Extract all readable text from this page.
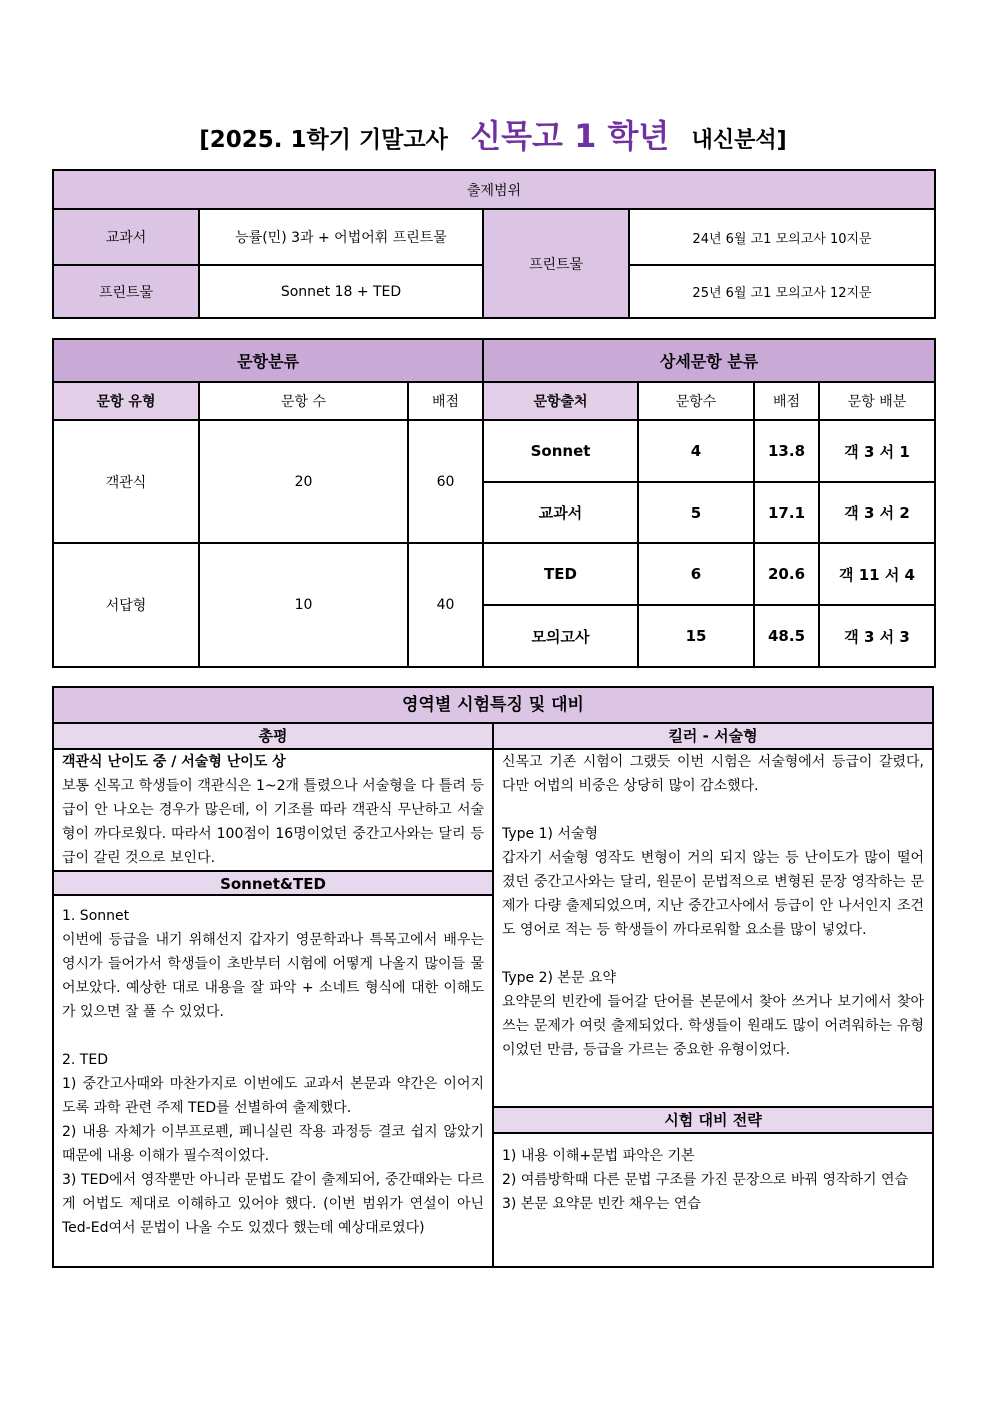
[2025. 1학기 기말고사 신목고 1 학년 내신분석]
출제범위			
교과서	능률(민) 3과 + 어법어휘 프린트물	프린트물	24년 6월 고1 모의고사 10지문
프린트물	Sonnet 18 + TED		25년 6월 고1 모의고사 12지문
문항분류			상세문항 분류			
문항 유형	문항 수	배점	문항출처	문항수	배점	문항 배분
객관식	20	60	Sonnet	4	13.8	객 3 서 1
			교과서	5	17.1	객 3 서 2
서답형	10	40	TED	6	20.6	객 11 서 4
			모의고사	15	48.5	객 3 서 3
영역별 시험특징 및 대비
총평

객관식 난이도 중 / 서술형 난이도 상

보통 신목고 학생들이 객관식은 1~2개 틀렸으나 서술형을 다 틀려 등급이 안 나오는 경우가 많은데, 이 기조를 따라 객관식 무난하고 서술형이 까다로웠다. 따라서 100점이 16명이었던 중간고사와는 달리 등급이 갈린 것으로 보인다.

Sonnet&TED

1. Sonnet

이번에 등급을 내기 위해선지 갑자기 영문학과나 특목고에서 배우는 영시가 들어가서 학생들이 초반부터 시험에 어떻게 나올지 많이들 물어보았다. 예상한 대로 내용을 잘 파악 + 소네트 형식에 대한 이해도가 있으면 잘 풀 수 있었다.

2. TED

1) 중간고사때와 마찬가지로 이번에도 교과서 본문과 약간은 이어지도록 과학 관련 주제 TED를 선별하여 출제했다.

2) 내용 자체가 이부프로펜, 페니실린 작용 과정등 결코 쉽지 않았기 때문에 내용 이해가 필수적이었다.

3) TED에서 영작뿐만 아니라 문법도 같이 출제되어, 중간때와는 다르게 어법도 제대로 이해하고 있어야 했다. (이번 범위가 연설이 아닌 Ted-Ed여서 문법이 나올 수도 있겠다 했는데 예상대로였다)

킬러 - 서술형

신목고 기존 시험이 그랬듯 이번 시험은 서술형에서 등급이 갈렸다, 다만 어법의 비중은 상당히 많이 감소했다.

Type 1) 서술형

갑자기 서술형 영작도 변형이 거의 되지 않는 등 난이도가 많이 떨어졌던 중간고사와는 달리, 원문이 문법적으로 변형된 문장 영작하는 문제가 다량 출제되었으며, 지난 중간고사에서 등급이 안 나서인지 조건도 영어로 적는 등 학생들이 까다로워할 요소를 많이 넣었다.

Type 2) 본문 요약

요약문의 빈칸에 들어갈 단어를 본문에서 찾아 쓰거나 보기에서 찾아 쓰는 문제가 여럿 출제되었다. 학생들이 원래도 많이 어려워하는 유형이었던 만큼, 등급을 가르는 중요한 유형이었다.

시험 대비 전략

1) 내용 이해+문법 파악은 기본

2) 여름방학때 다른 문법 구조를 가진 문장으로 바꿔 영작하기 연습

3) 본문 요약문 빈칸 채우는 연습
